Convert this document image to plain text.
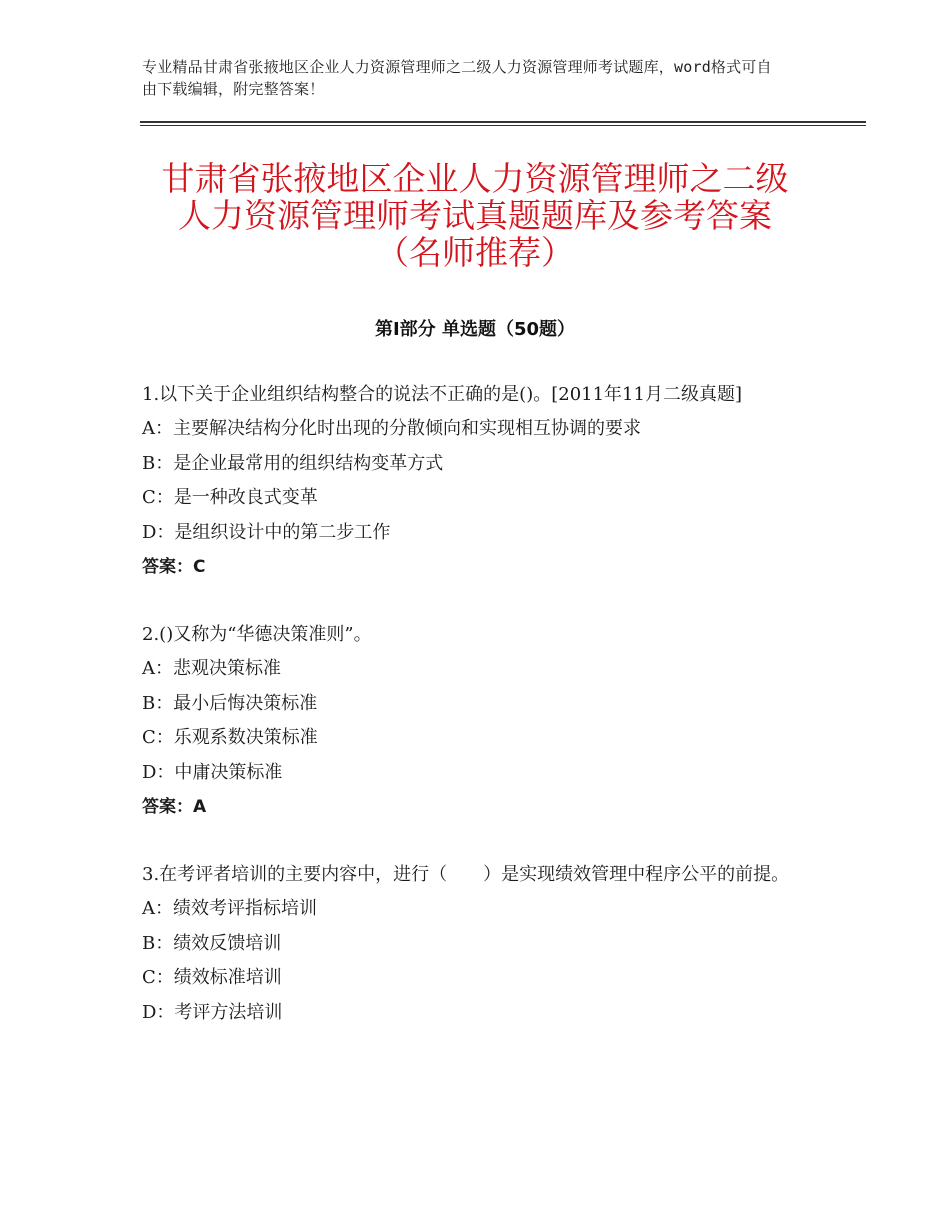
专业精品甘肃省张掖地区企业人力资源管理师之二级人力资源管理师考试题库，word格式可自由下载编辑，附完整答案！
甘肃省张掖地区企业人力资源管理师之二级
人力资源管理师考试真题题库及参考答案
（名师推荐）
第Ⅰ部分 单选题（50题）

1.以下关于企业组织结构整合的说法不正确的是()。[2011年11月二级真题]

A：主要解决结构分化时出现的分散倾向和实现相互协调的要求

B：是企业最常用的组织结构变革方式

C：是一种改良式变革

D：是组织设计中的第二步工作

答案：C

2.()又称为“华德决策准则”。

A：悲观决策标准

B：最小后悔决策标准

C：乐观系数决策标准

D：中庸决策标准

答案：A

3.在考评者培训的主要内容中，进行（　　）是实现绩效管理中程序公平的前提。

A：绩效考评指标培训

B：绩效反馈培训

C：绩效标准培训

D：考评方法培训
